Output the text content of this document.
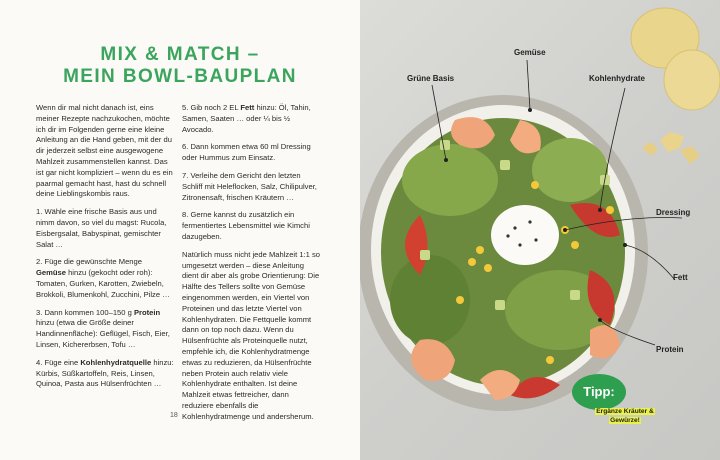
MIX & MATCH –
MEIN BOWL-BAUPLAN

Wenn dir mal nicht danach ist, eins meiner Rezepte nachzukochen, möchte ich dir im Folgenden gerne eine kleine Anleitung an die Hand geben, mit der du dir jederzeit selbst eine ausgewogene Mahlzeit zusammenstellen kannst. Das ist gar nicht kompliziert – wenn du es ein paarmal gemacht hast, hast du schnell deine Lieblingskombis raus.

1. Wähle eine frische Basis aus und nimm davon, so viel du magst: Rucola, Eisbergsalat, Babyspinat, gemischter Salat …

2. Füge die gewünschte Menge Gemüse hinzu (gekocht oder roh): Tomaten, Gurken, Karotten, Zwiebeln, Brokkoli, Blumenkohl, Zucchini, Pilze …

3. Dann kommen 100–150 g Protein hinzu (etwa die Größe deiner Handinnenfläche): Geflügel, Fisch, Eier, Linsen, Kichererbsen, Tofu …

4. Füge eine Kohlenhydratquelle hinzu: Kürbis, Süßkartoffeln, Reis, Linsen, Quinoa, Pasta aus Hülsenfrüchten …

5. Gib noch 2 EL Fett hinzu: Öl, Tahin, Samen, Saaten … oder ¼ bis ½ Avocado.

6. Dann kommen etwa 60 ml Dressing oder Hummus zum Einsatz.

7. Verleihe dem Gericht den letzten Schliff mit Heleflocken, Salz, Chilipulver, Zitronensaft, frischen Kräutern …

8. Gerne kannst du zusätzlich ein fermentiertes Lebensmittel wie Kimchi dazugeben.

Natürlich muss nicht jede Mahlzeit 1:1 so umgesetzt werden – diese Anleitung dient dir aber als grobe Orientierung: Die Hälfte des Tellers sollte von Gemüse eingenommen werden, ein Viertel von Proteinen und das letzte Viertel von Kohlenhydraten. Die Fettquelle kommt dann on top noch dazu. Wenn du Hülsenfrüchte als Proteinquelle nutzt, empfehle ich, die Kohlenhydratmenge etwas zu reduzieren, da Hülsenfrüchte neben Protein auch relativ viele Kohlenhydrate enthalten. Ist deine Mahlzeit etwas fettreicher, dann reduziere ebenfalls die Kohlenhydratmenge und andersherum.

18
Gemüse
Grüne Basis	Kohlenhydrate
Dressing
Fett
Protein
Tipp:
Ergänze Kräuter &
Gewürze!
